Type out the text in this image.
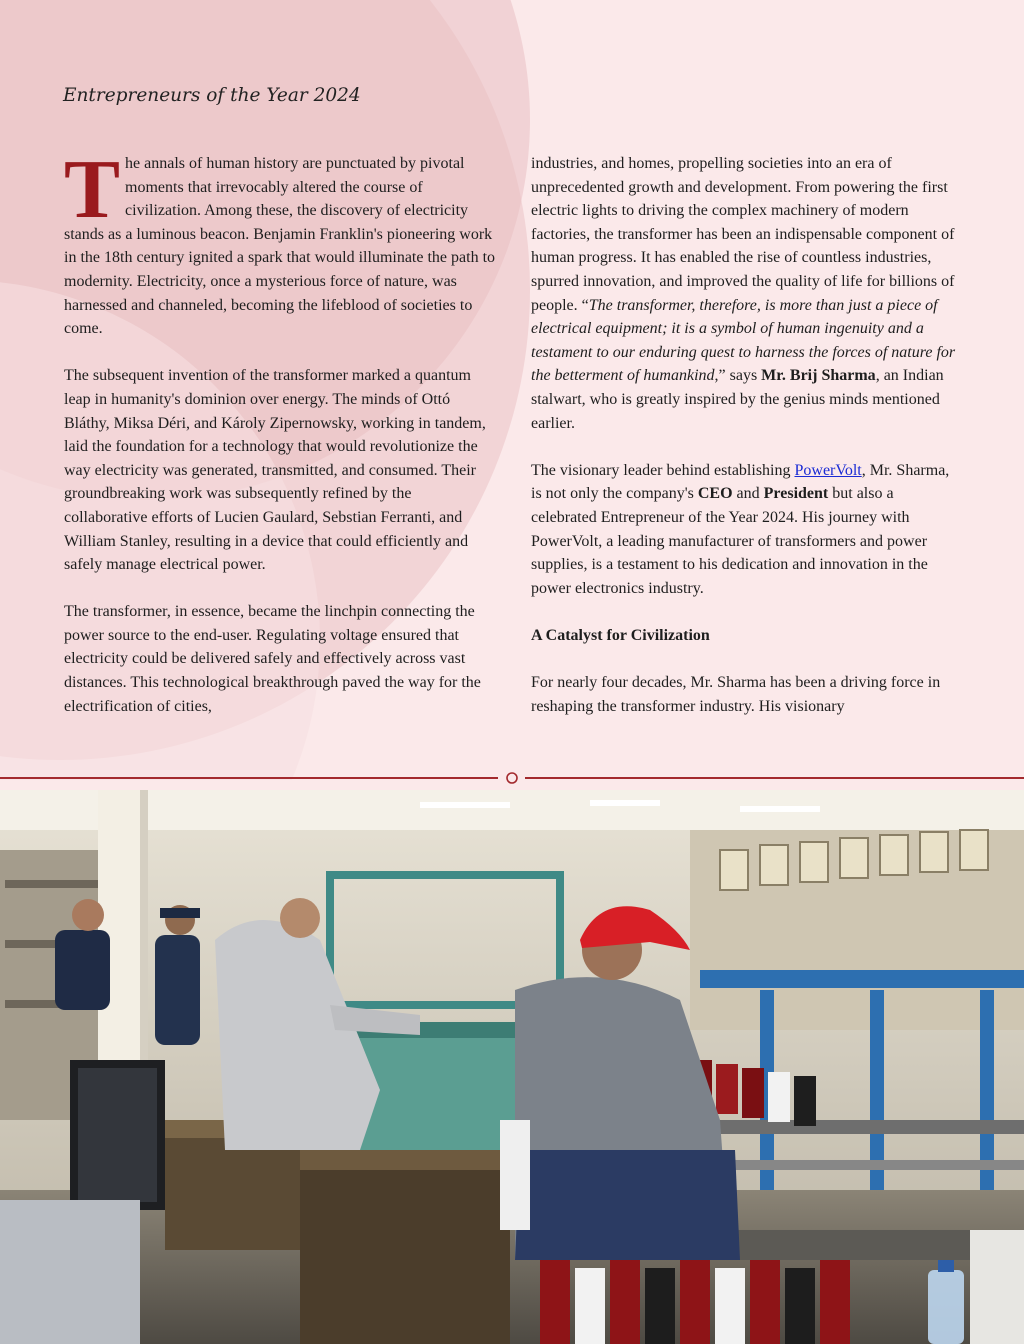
Entrepreneurs of the Year 2024

The annals of human history are punctuated by pivotal moments that irrevocably altered the course of civilization. Among these, the discovery of electricity stands as a luminous beacon. Benjamin Franklin's pioneering work in the 18th century ignited a spark that would illuminate the path to modernity. Electricity, once a mysterious force of nature, was harnessed and channeled, becoming the lifeblood of societies to come.

The subsequent invention of the transformer marked a quantum leap in humanity's dominion over energy. The minds of Ottó Bláthy, Miksa Déri, and Károly Zipernowsky, working in tandem, laid the foundation for a technology that would revolutionize the way electricity was generated, transmitted, and consumed. Their groundbreaking work was subsequently refined by the collaborative efforts of Lucien Gaulard, Sebstian Ferranti, and William Stanley, resulting in a device that could efficiently and safely manage electrical power.

The transformer, in essence, became the linchpin connecting the power source to the end-user. Regulating voltage ensured that electricity could be delivered safely and effectively across vast distances. This technological breakthrough paved the way for the electrification of cities,

industries, and homes, propelling societies into an era of unprecedented growth and development. From powering the first electric lights to driving the complex machinery of modern factories, the transformer has been an indispensable component of human progress. It has enabled the rise of countless industries, spurred innovation, and improved the quality of life for billions of people. “The transformer, therefore, is more than just a piece of electrical equipment; it is a symbol of human ingenuity and a testament to our enduring quest to harness the forces of nature for the betterment of humankind,” says Mr. Brij Sharma, an Indian stalwart, who is greatly inspired by the genius minds mentioned earlier.

The visionary leader behind establishing PowerVolt, Mr. Sharma, is not only the company's CEO and President but also a celebrated Entrepreneur of the Year 2024. His journey with PowerVolt, a leading manufacturer of transformers and power supplies, is a testament to his dedication and innovation in the power electronics industry.

A Catalyst for Civilization

For nearly four decades, Mr. Sharma has been a driving force in reshaping the transformer industry. His visionary
